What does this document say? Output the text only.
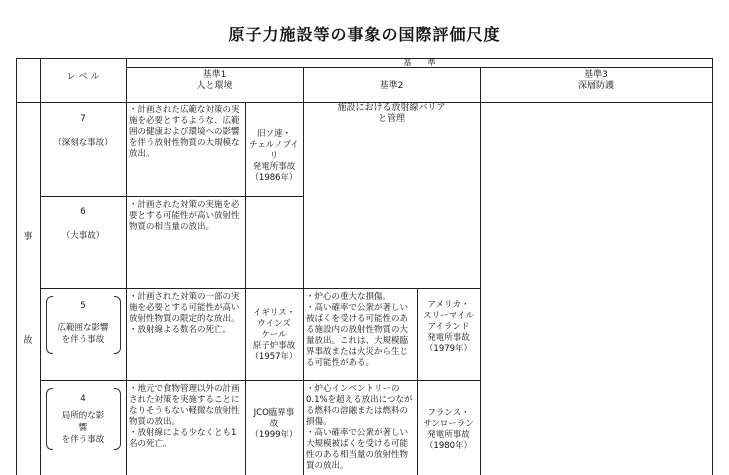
原子力施設等の事象の国際評価尺度
レ ベ ル
基　　準
基準1
人と環境	基準2

施設における放射線バリア
と管理

基準3
深層防護
事
故
7
（深刻な事故）
・計画された広範な対策の実施を必要とするような、広範囲の健康および環境への影響を伴う放射性物質の大規模な放出。
旧ソ連・
チェルノブイリ
発電所事故
（1986年）
6
（大事故）
・計画された対策の実施を必要とする可能性が高い放射性物質の相当量の放出。
5
広範囲な影響
を伴う事故
・計画された対策の一部の実施を必要とする可能性が高い放射性物質の限定的な放出。
・放射線よる数名の死亡。
イギリス・
ウインズ
ケール
原子炉事故
（1957年）
・炉心の重大な損傷。
・高い確率で公衆が著しい被ばくを受ける可能性のある施設内の放射性物質の大量放出。これは、大規模臨界事故または火災から生じる可能性がある。
アメリカ・
スリーマイル
アイランド
発電所事故
（1979年）
4
局所的な影
響
を伴う事故
・地元で食物管理以外の計画された対策を実施することになりそうもない軽微な放射性物質の放出。
・放射線による少なくとも1名の死亡。
JCO臨界事
故
（1999年）
・炉心インベントリーの0.1%を超える放出につながる燃料の溶融または燃料の損傷。
・高い確率で公衆が著しい大規模被ばくを受ける可能性のある相当量の放射性物質の放出。
フランス・
サンローラン
発電所事故
（1980年）
